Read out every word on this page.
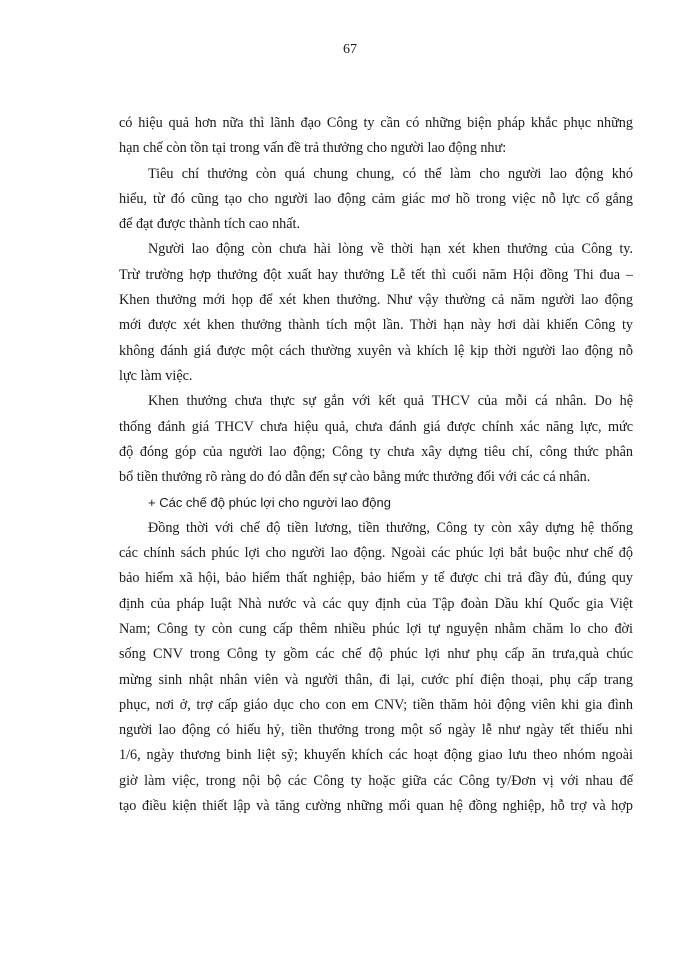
67
có hiệu quả hơn nữa thì lãnh đạo Công ty cần có những biện pháp khắc phục những
hạn chế còn tồn tại trong vấn đề trả thưởng cho người lao động như:
Tiêu chí thưởng còn quá chung chung, có thể làm cho người lao động khó
hiểu, từ đó cũng tạo cho người lao động cảm giác mơ hồ trong việc nỗ lực cố gắng
để đạt được thành tích cao nhất.
Người lao động còn chưa hài lòng về thời hạn xét khen thưởng của Công ty.
Trừ trường hợp thưởng đột xuất hay thưởng Lễ tết thì cuối năm Hội đồng Thi đua –
Khen thưởng mới họp để xét khen thưởng. Như vậy thường cả năm người lao động
mới được xét khen thưởng thành tích một lần. Thời hạn này hơi dài khiến Công ty
không đánh giá được một cách thường xuyên và khích lệ kịp thời người lao động nỗ
lực làm việc.
Khen thưởng chưa thực sự gắn với kết quả THCV của mỗi cá nhân. Do hệ
thống đánh giá THCV chưa hiệu quả, chưa đánh giá được chính xác năng lực, mức
độ đóng góp của người lao động; Công ty chưa xây dựng tiêu chí, công thức phân
bổ tiền thưởng rõ ràng do đó dẫn đến sự cào bằng mức thưởng đối với các cá nhân.
+ Các chế độ phúc lợi cho người lao động
Đồng thời với chế độ tiền lương, tiền thưởng, Công ty còn xây dựng hệ thống
các chính sách phúc lợi cho người lao động. Ngoài các phúc lợi bắt buộc như chế độ
bảo hiểm xã hội, bảo hiểm thất nghiệp, bảo hiểm y tế được chi trả đầy đủ, đúng quy
định của pháp luật Nhà nước và các quy định của Tập đoàn Dầu khí Quốc gia Việt
Nam; Công ty còn cung cấp thêm nhiều phúc lợi tự nguyện nhằm chăm lo cho đời
sống CNV trong Công ty gồm các chế độ phúc lợi như phụ cấp ăn trưa,quà chúc
mừng sinh nhật nhân viên và người thân, đi lại, cước phí điện thoại, phụ cấp trang
phục, nơi ở, trợ cấp giáo dục cho con em CNV; tiền thăm hỏi động viên khi gia đình
người lao động có hiếu hỷ, tiền thưởng trong một số ngày lễ như ngày tết thiếu nhi
1/6, ngày thương binh liệt sỹ; khuyến khích các hoạt động giao lưu theo nhóm ngoài
giờ làm việc, trong nội bộ các Công ty hoặc giữa các Công ty/Đơn vị với nhau để
tạo điều kiện thiết lập và tăng cường những mối quan hệ đồng nghiệp, hỗ trợ và hợp
